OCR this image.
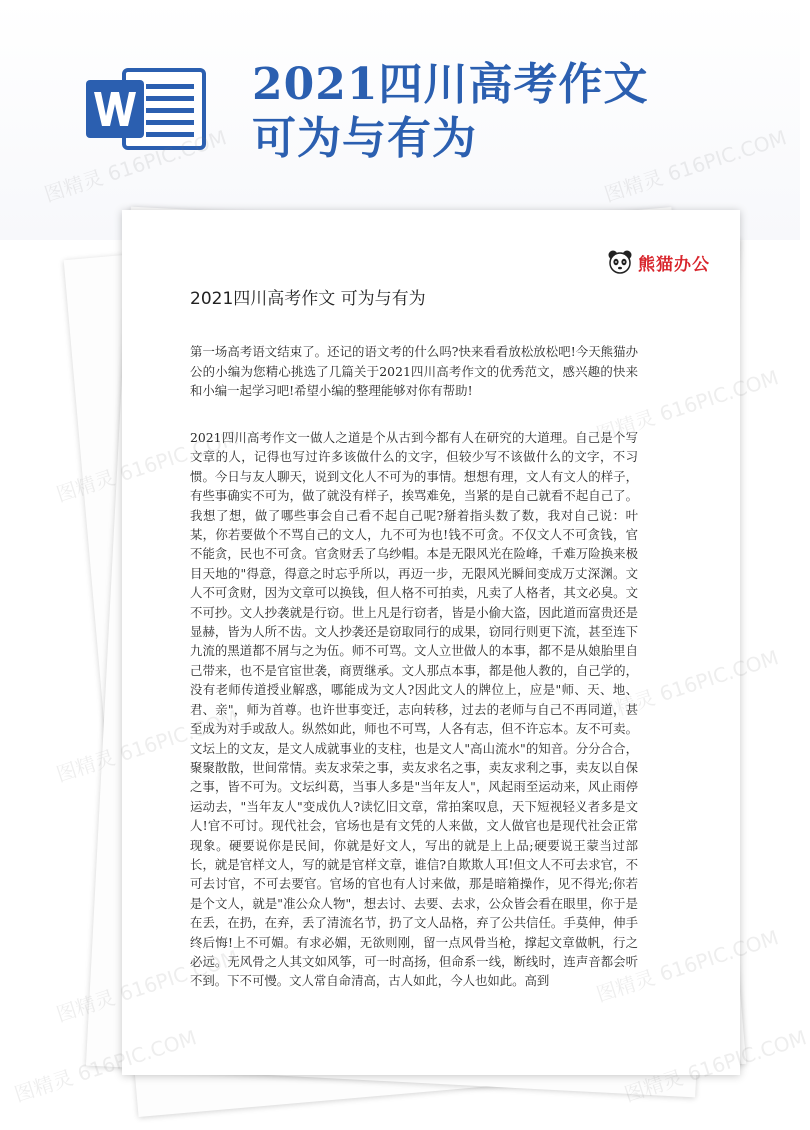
2021四川高考作文
可为与有为
图精灵 616PIC.COM	图精灵 616PIC.COM
熊猫办公
2021四川高考作文 可为与有为
第一场高考语文结束了。还记的语文考的什么吗?快来看看放松放松吧!今天熊猫办公的小编为您精心挑选了几篇关于2021四川高考作文的优秀范文，感兴趣的快来和小编一起学习吧!希望小编的整理能够对你有帮助!
2021四川高考作文一做人之道是个从古到今都有人在研究的大道理。自己是个写文章的人，记得也写过许多该做什么的文字，但较少写不该做什么的文字，不习惯。今日与友人聊天，说到文化人不可为的事情。想想有理，文人有文人的样子，有些事确实不可为，做了就没有样子，挨骂难免，当紧的是自己就看不起自己了。我想了想，做了哪些事会自己看不起自己呢?掰着指头数了数，我对自己说：叶某，你若要做个不骂自己的文人，九不可为也!钱不可贪。不仅文人不可贪钱，官不能贪，民也不可贪。官贪财丢了乌纱帽。本是无限风光在险峰，千难万险换来极目天地的"得意，得意之时忘乎所以，再迈一步，无限风光瞬间变成万丈深渊。文人不可贪财，因为文章可以换钱，但人格不可拍卖，凡卖了人格者，其文必臭。文不可抄。文人抄袭就是行窃。世上凡是行窃者，皆是小偷大盗，因此道而富贵还是显赫，皆为人所不齿。文人抄袭还是窃取同行的成果，窃同行则更下流，甚至连下九流的黑道都不屑与之为伍。师不可骂。文人立世做人的本事，都不是从娘胎里自己带来，也不是官宦世袭，商贾继承。文人那点本事，都是他人教的，自己学的，没有老师传道授业解惑，哪能成为文人?因此文人的牌位上，应是"师、天、地、君、亲"，师为首尊。也许世事变迁，志向转移，过去的老师与自己不再同道，甚至成为对手或敌人。纵然如此，师也不可骂，人各有志，但不许忘本。友不可卖。文坛上的文友，是文人成就事业的支柱，也是文人"高山流水"的知音。分分合合，聚聚散散，世间常情。卖友求荣之事，卖友求名之事，卖友求利之事，卖友以自保之事，皆不可为。文坛纠葛，当事人多是"当年友人"，风起雨至运动来，风止雨停运动去，"当年友人"变成仇人?读忆旧文章，常拍案叹息，天下短视轻义者多是文人!官不可讨。现代社会，官场也是有文凭的人来做，文人做官也是现代社会正常现象。硬要说你是民间，你就是好文人，写出的就是上上品;硬要说王蒙当过部长，就是官样文人，写的就是官样文章，谁信?自欺欺人耳!但文人不可去求官，不可去讨官，不可去要官。官场的官也有人讨来做，那是暗箱操作，见不得光;你若是个文人，就是"准公众人物"，想去讨、去要、去求，公众皆会看在眼里，你于是在丢，在扔，在弃，丢了清流名节，扔了文人品格，弃了公共信任。手莫伸，伸手终后悔!上不可媚。有求必媚，无欲则刚，留一点风骨当枪，撑起文章做帆，行之必远。无风骨之人其文如风筝，可一时高扬，但命系一线，断线时，连声音都会听不到。下不可慢。文人常自命清高，古人如此，今人也如此。高到
图精灵 616PIC.COM
图精灵 616PIC.COM
图精灵 616PIC.COM
图精灵 616PIC.COM
图精灵 616PIC.COM
图精灵 616PIC.COM
图精灵	616PIC.COM
